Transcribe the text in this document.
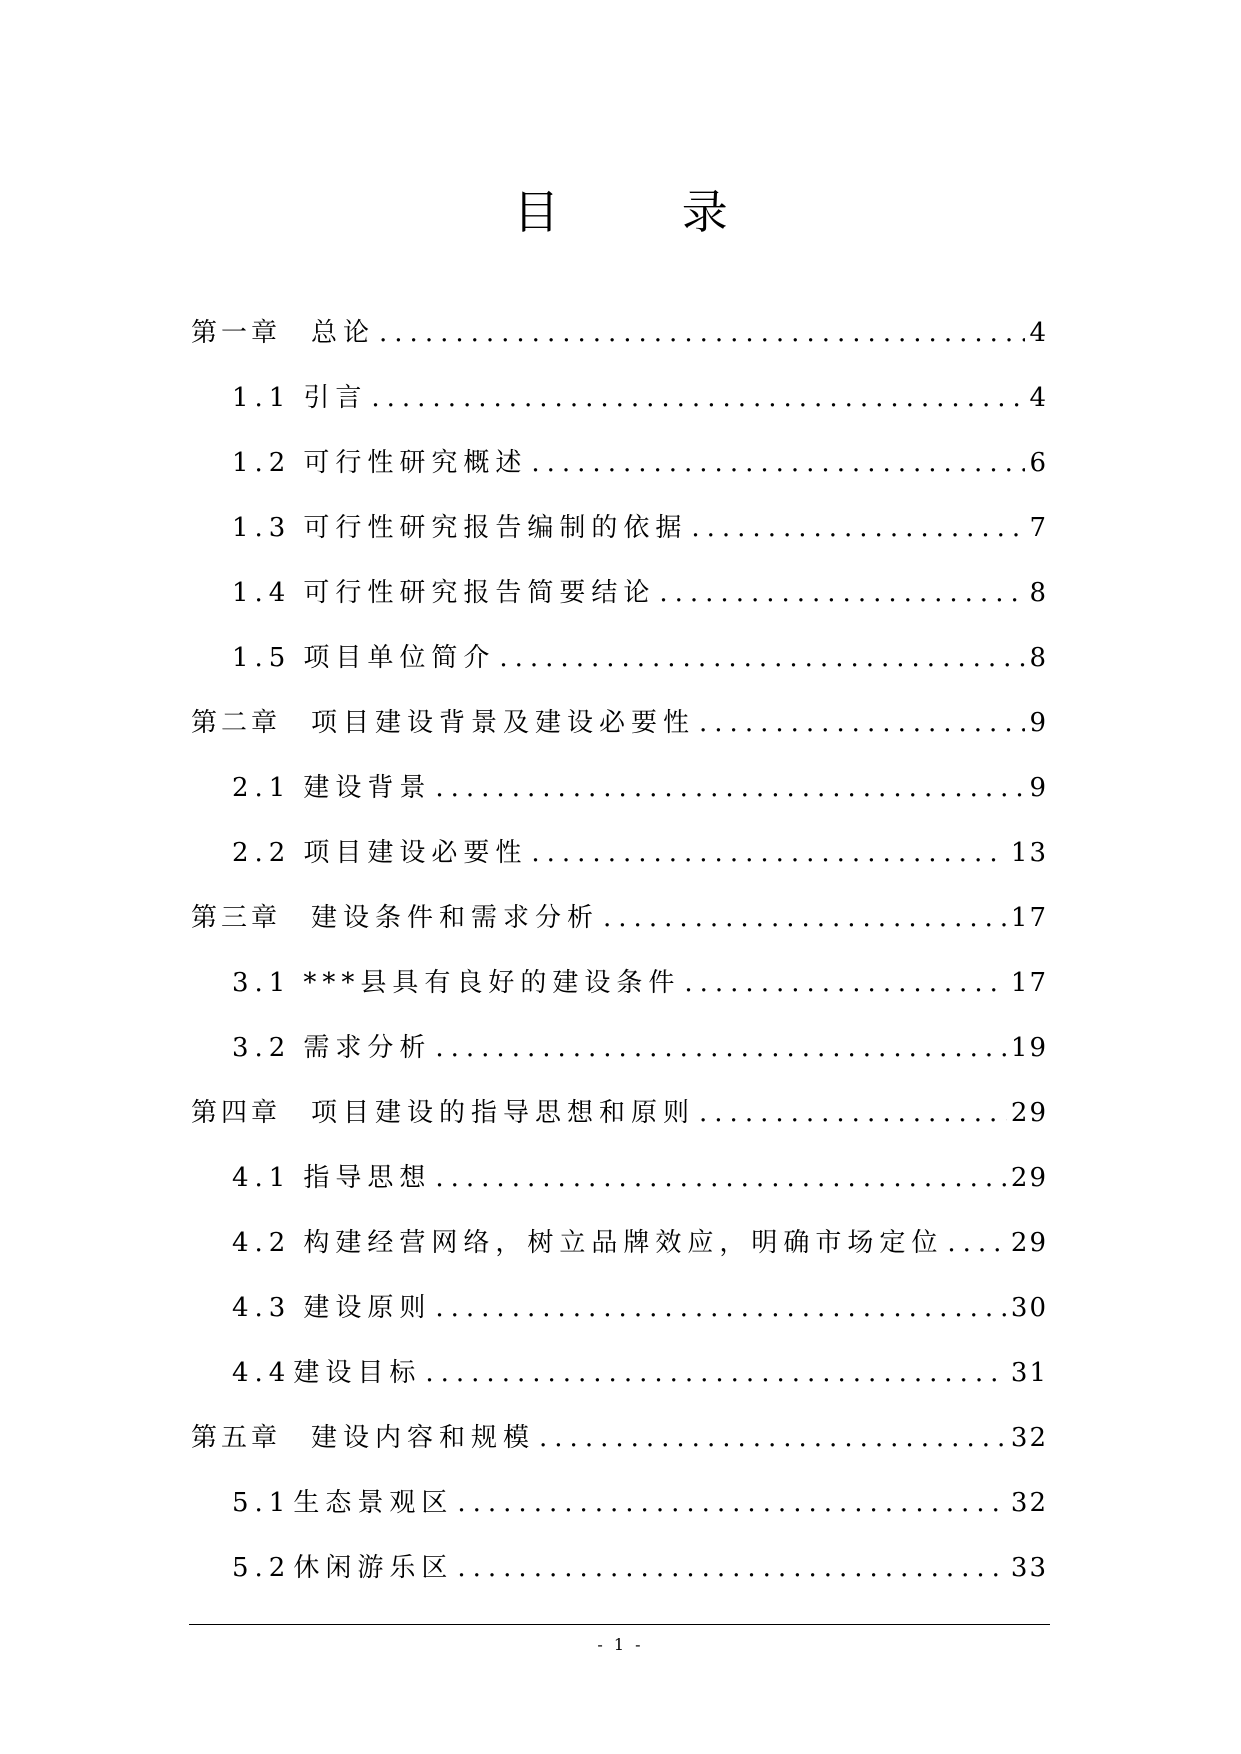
目 录
第一章 总论 .....	4
1.1 引言 .....	4
1.2 可行性研究概述 .....	6
1.3 可行性研究报告编制的依据 .....	7
1.4 可行性研究报告简要结论 .....	8
1.5 项目单位简介 .....	8
第二章 项目建设背景及建设必要性 .....	9
2.1 建设背景 .....	9
2.2 项目建设必要性 .....	13
第三章 建设条件和需求分析 .....	17
3.1 ***县具有良好的建设条件 .....	17
3.2 需求分析 .....	19
第四章 项目建设的指导思想和原则 .....	29
4.1 指导思想 .....	29
4.2 构建经营网络，树立品牌效应，明确市场定位 .....	29
4.3 建设原则 .....	30
4.4 建设目标 .....	31
第五章 建设内容和规模 .....	32
5.1 生态景观区 .....	32
5.2 休闲游乐区 .....	33
- 1 -
